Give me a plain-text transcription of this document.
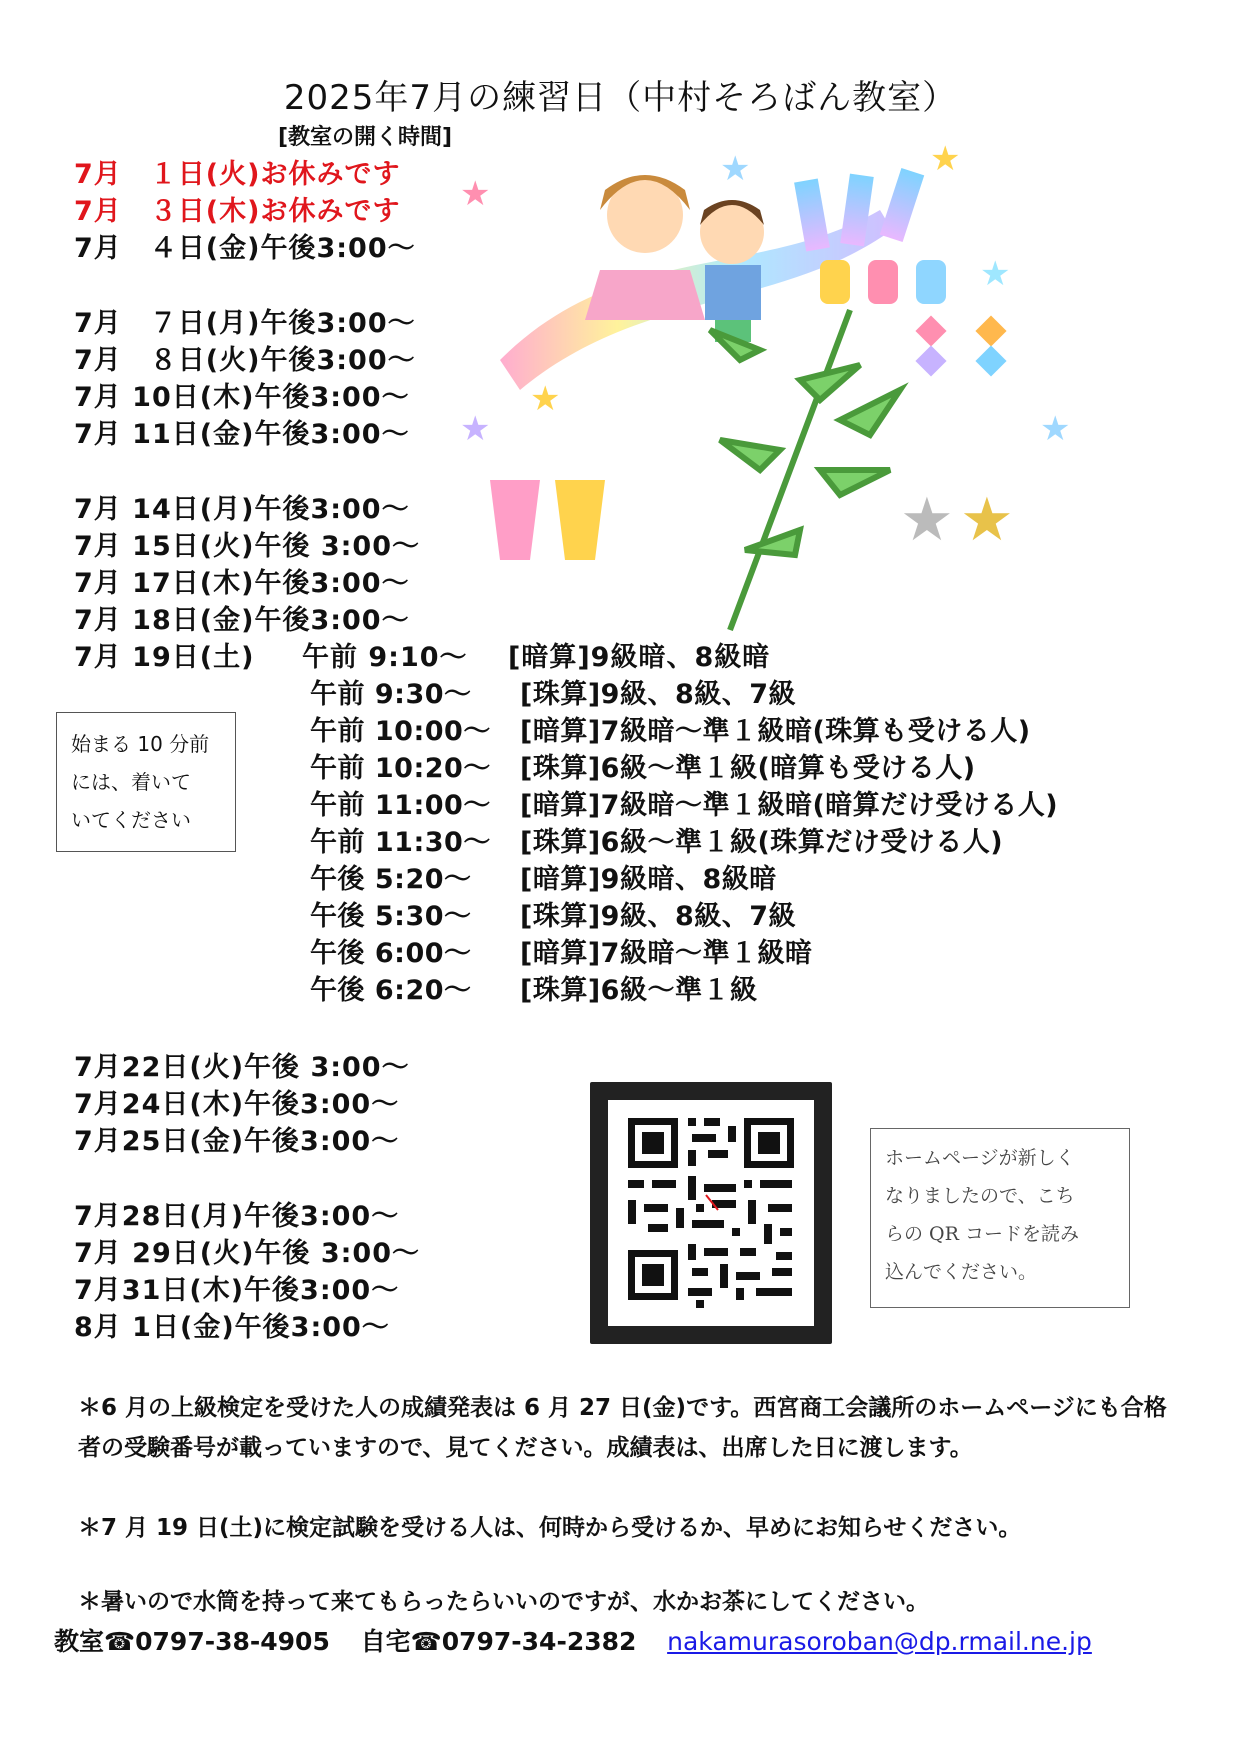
2025年7月の練習日（中村そろばん教室）
[教室の開く時間]
7月　１日(火)お休みです
7月　３日(木)お休みです
7月　４日(金)午後3:00～
7月　７日(月)午後3:00～
7月　８日(火)午後3:00～
7月 10日(木)午後3:00～
7月 11日(金)午後3:00～
7月 14日(月)午後3:00～
7月 15日(火)午後 3:00～
7月 17日(木)午後3:00～
7月 18日(金)午後3:00～
7月 19日(土) 午前 9:10～ [暗算]9級暗、8級暗
午前 9:30～ [珠算]9級、8級、7級
午前 10:00～ [暗算]7級暗～準１級暗(珠算も受ける人)
午前 10:20～ [珠算]6級～準１級(暗算も受ける人)
午前 11:00～ [暗算]7級暗～準１級暗(暗算だけ受ける人)
午前 11:30～ [珠算]6級～準１級(珠算だけ受ける人)
午後 5:20～ [暗算]9級暗、8級暗
午後 5:30～ [珠算]9級、8級、7級
午後 6:00～ [暗算]7級暗～準１級暗
午後 6:20～ [珠算]6級～準１級
始まる 10 分前
には、着いて
いてください
7月22日(火)午後 3:00～
7月24日(木)午後3:00～
7月25日(金)午後3:00～
7月28日(月)午後3:00～
7月 29日(火)午後 3:00～
7月31日(木)午後3:00～
8月 1日(金)午後3:00～
ホームページが新しく
なりましたので、こち
らの QR コードを読み
込んでください。
＊6 月の上級検定を受けた人の成績発表は 6 月 27 日(金)です。西宮商工会議所のホームページにも合格者の受験番号が載っていますので、見てください。成績表は、出席した日に渡します。
＊7 月 19 日(土)に検定試験を受ける人は、何時から受けるか、早めにお知らせください。
＊暑いので水筒を持って来てもらったらいいのですが、水かお茶にしてください。
教室☎0797-38-4905 自宅☎0797-34-2382 nakamurasoroban@dp.rmail.ne.jp
★
★	★
★
★
★
★
★ ★
